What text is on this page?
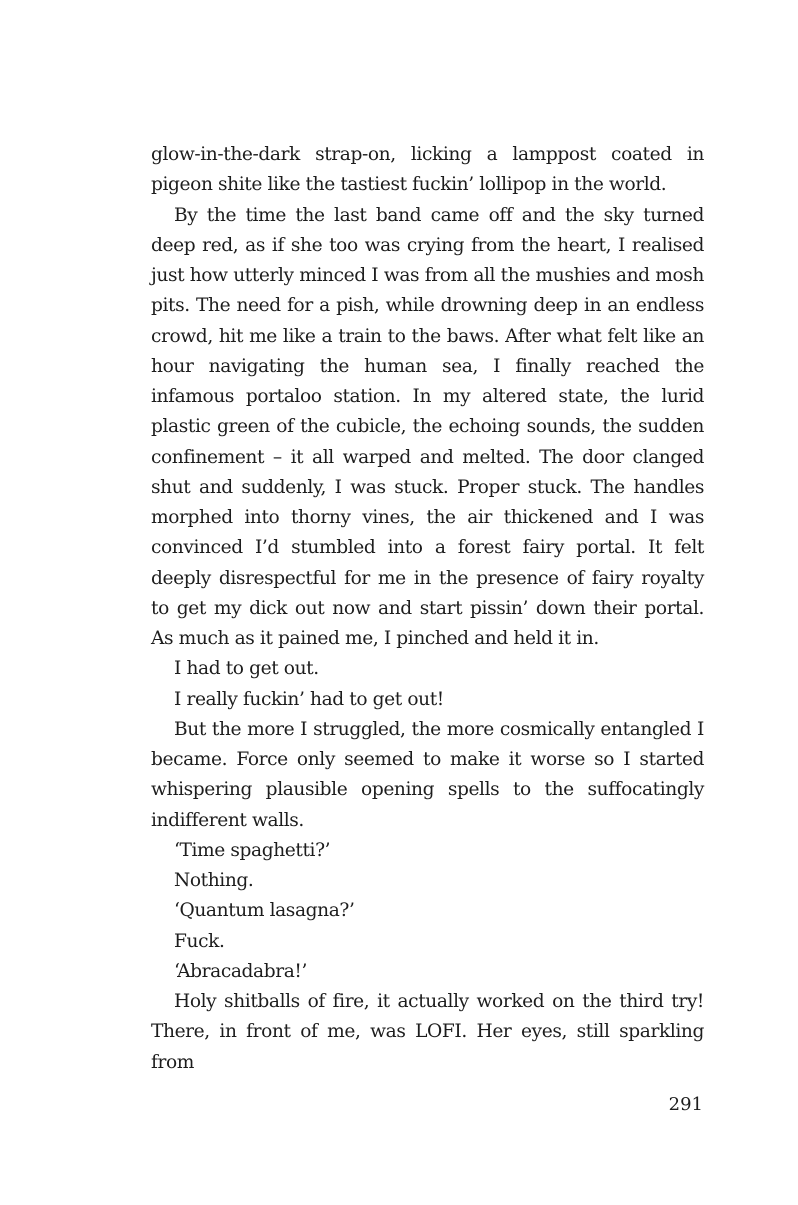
glow-in-the-dark strap-on, licking a lamppost coated in pigeon shite like the tastiest fuckin’ lollipop in the world.

By the time the last band came off and the sky turned deep red, as if she too was crying from the heart, I realised just how utterly minced I was from all the mushies and mosh pits. The need for a pish, while drowning deep in an endless crowd, hit me like a train to the baws. After what felt like an hour navigating the human sea, I finally reached the infamous portaloo station. In my altered state, the lurid plastic green of the cubicle, the echoing sounds, the sudden confinement – it all warped and melted. The door clanged shut and suddenly, I was stuck. Proper stuck. The handles morphed into thorny vines, the air thickened and I was convinced I’d stumbled into a forest fairy portal. It felt deeply disrespectful for me in the presence of fairy royalty to get my dick out now and start pissin’ down their portal. As much as it pained me, I pinched and held it in.

I had to get out.

I really fuckin’ had to get out!

But the more I struggled, the more cosmically entangled I became. Force only seemed to make it worse so I started whispering plausible opening spells to the suffocatingly indifferent walls.

‘Time spaghetti?’

Nothing.

‘Quantum lasagna?’

Fuck.

‘Abracadabra!’

Holy shitballs of fire, it actually worked on the third try! There, in front of me, was LOFI. Her eyes, still sparkling from

291
